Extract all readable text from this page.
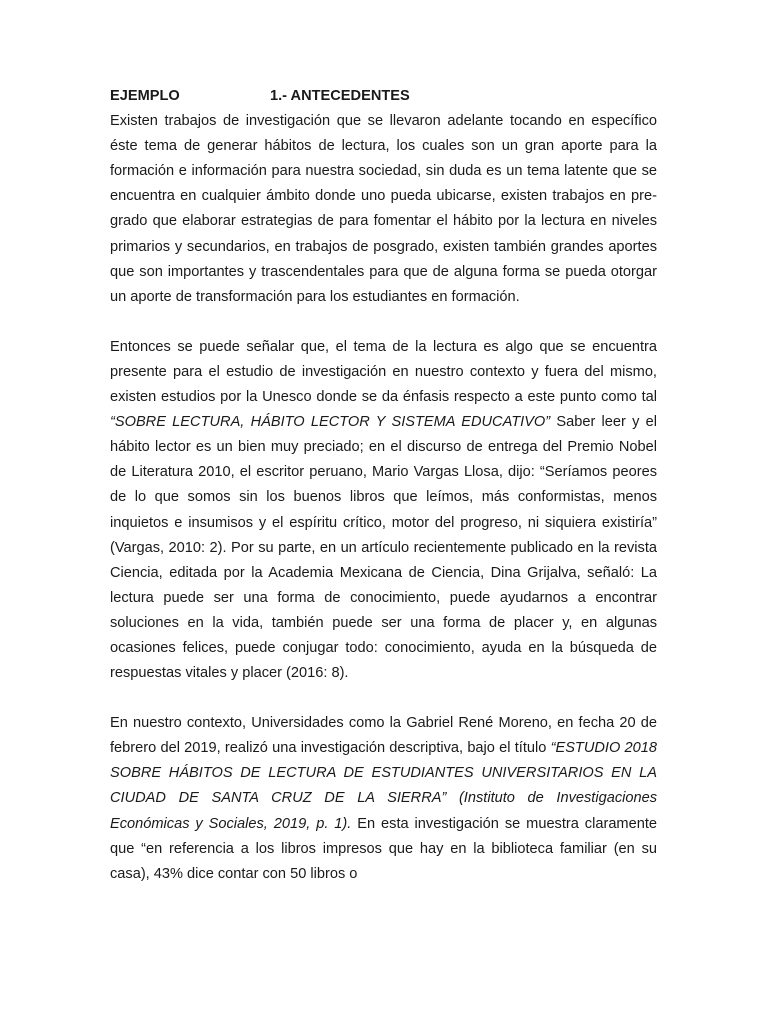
EJEMPLO	1.- ANTECEDENTES

Existen trabajos de investigación que se llevaron adelante tocando en específico éste tema de generar hábitos de lectura, los cuales son un gran aporte para la formación e información para nuestra sociedad, sin duda es un tema latente que se encuentra en cualquier ámbito donde uno pueda ubicarse, existen trabajos en pre- grado que elaborar estrategias de para fomentar el hábito por la lectura en niveles primarios y secundarios, en trabajos de posgrado, existen también grandes aportes que son importantes y trascendentales para que de alguna forma se pueda otorgar un aporte de transformación para los estudiantes en formación.

Entonces se puede señalar que, el tema de la lectura es algo que se encuentra presente para el estudio de investigación en nuestro contexto y fuera del mismo, existen estudios por la Unesco donde se da énfasis respecto a este punto como tal “SOBRE LECTURA, HÁBITO LECTOR Y SISTEMA EDUCATIVO” Saber leer y el hábito lector es un bien muy preciado; en el discurso de entrega del Premio Nobel de Literatura 2010, el escritor peruano, Mario Vargas Llosa, dijo: “Seríamos peores de lo que somos sin los buenos libros que leímos, más conformistas, menos inquietos e insumisos y el espíritu crítico, motor del progreso, ni siquiera existiría” (Vargas, 2010: 2). Por su parte, en un artículo recientemente publicado en la revista Ciencia, editada por la Academia Mexicana de Ciencia, Dina Grijalva, señaló: La lectura puede ser una forma de conocimiento, puede ayudarnos a encontrar soluciones en la vida, también puede ser una forma de placer y, en algunas ocasiones felices, puede conjugar todo: conocimiento, ayuda en la búsqueda de respuestas vitales y placer (2016: 8).

En nuestro contexto, Universidades como la Gabriel René Moreno, en fecha 20 de febrero del 2019, realizó una investigación descriptiva, bajo el título “ESTUDIO 2018 SOBRE HÁBITOS DE LECTURA DE ESTUDIANTES UNIVERSITARIOS EN LA CIUDAD DE SANTA CRUZ DE LA SIERRA” (Instituto de Investigaciones Económicas y Sociales, 2019, p. 1). En esta investigación se muestra claramente que “en referencia a los libros impresos que hay en la biblioteca familiar (en su casa), 43% dice contar con 50 libros o
